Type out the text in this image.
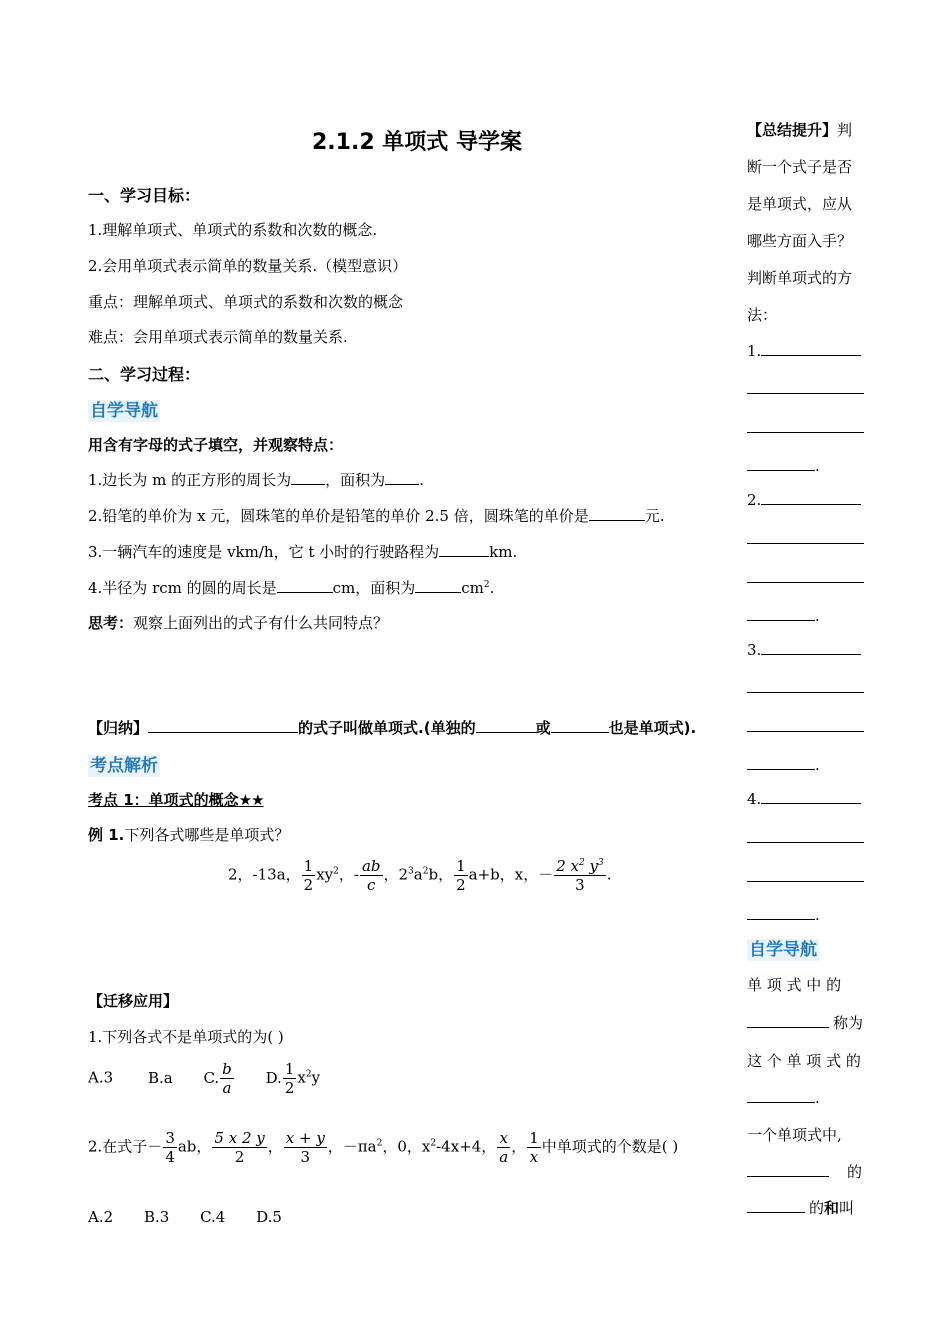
2.1.2 单项式 导学案
一、学习目标：
1.理解单项式、单项式的系数和次数的概念.
2.会用单项式表示简单的数量关系.（模型意识）
重点：理解单项式、单项式的系数和次数的概念
难点：会用单项式表示简单的数量关系.
二、学习过程：
自学导航
用含有字母的式子填空，并观察特点：
1.边长为 m 的正方形的周长为 ，面积为 .
2.铅笔的单价为 x 元，圆珠笔的单价是铅笔的单价 2.5 倍，圆珠笔的单价是	元.
3.一辆汽车的速度是 vkm/h，它 t 小时的行驶路程为	km.
4.半径为 rcm 的圆的周长是	cm，面积为	$cm^2$.
思考：观察上面列出的式子有什么共同特点？
【归纳】	的式子叫做单项式.(单独的	或	也是单项式).
考点解析
考点 1：单项式的概念★★
例 1.下列各式哪些是单项式？
2，-13a， $\frac{1}{2} xy^2$，- $\frac{ab}{c}$ ，$2^3a^2b$， $\frac{1}{2} a+b$，x，－ $\frac{2 x^2 y^3}{3}$ .
【迁移应用】
1.下列各式不是单项式的为( )
A.3 B.a C. $\frac{b}{a} D$. $\frac{1}{2} x^2y$
2.在式子－ $\frac{3}{4}$ ab， $\frac{5 x 2 y}{2}$ ， $\frac{x + y}{3}$ ，$-\pi a^2$，0，$x^2-4x+4$， $\frac{x}{a}$ ， $\frac{1}{x}$ 中单项式的个数是( )
A.2 B.3 C.4 D.5
【总结提升】判
断一个式子是否
是单项式，应从
哪些方面入手？
判断单项式的方
法：
1.
.
2.
.
3.
.
4.
.
自学导航
单 项 式 中 的
称为
这 个 单 项 式 的
.
一个单项式中,
的
的和叫
